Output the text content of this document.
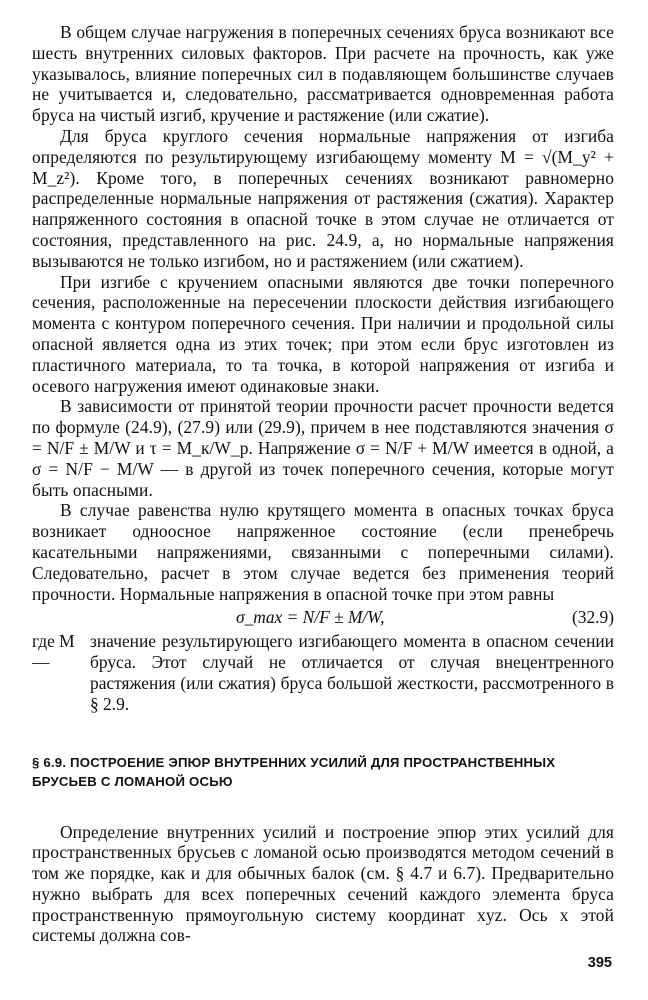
В общем случае нагружения в поперечных сечениях бруса возникают все шесть внутренних силовых факторов. При расчете на прочность, как уже указывалось, влияние поперечных сил в подавляющем большинстве случаев не учитывается и, следовательно, рассматривается одновременная работа бруса на чистый изгиб, кручение и растяжение (или сжатие).

Для бруса круглого сечения нормальные напряжения от изгиба определяются по результирующему изгибающему моменту M = √(M_y² + M_z²). Кроме того, в поперечных сечениях возникают равномерно распределенные нормальные напряжения от растяжения (сжатия). Характер напряженного состояния в опасной точке в этом случае не отличается от состояния, представленного на рис. 24.9, a, но нормальные напряжения вызываются не только изгибом, но и растяжением (или сжатием).

При изгибе с кручением опасными являются две точки поперечного сечения, расположенные на пересечении плоскости действия изгибающего момента с контуром поперечного сечения. При наличии и продольной силы опасной является одна из этих точек; при этом если брус изготовлен из пластичного материала, то та точка, в которой напряжения от изгиба и осевого нагружения имеют одинаковые знаки.

В зависимости от принятой теории прочности расчет прочности ведется по формуле (24.9), (27.9) или (29.9), причем в нее подставляются значения σ = N/F ± M/W и τ = M_к/W_р. Напряжение σ = N/F + M/W имеется в одной, а σ = N/F − M/W — в другой из точек поперечного сечения, которые могут быть опасными.

В случае равенства нулю крутящего момента в опасных точках бруса возникает одноосное напряженное состояние (если пренебречь касательными напряжениями, связанными с поперечными силами). Следовательно, расчет в этом случае ведется без применения теорий прочности. Нормальные напряжения в опасной точке при этом равны

σ_max = N/F ± M/W,	(32.9)
где M —
значение результирующего изгибающего момента в опасном сечении бруса. Этот случай не отличается от случая внецентренного растяжения (или сжатия) бруса большой жесткости, рассмотренного в § 2.9.
§ 6.9. ПОСТРОЕНИЕ ЭПЮР ВНУТРЕННИХ УСИЛИЙ ДЛЯ ПРОСТРАНСТВЕННЫХ БРУСЬЕВ С ЛОМАНОЙ ОСЬЮ

Определение внутренних усилий и построение эпюр этих усилий для пространственных брусьев с ломаной осью производятся методом сечений в том же порядке, как и для обычных балок (см. § 4.7 и 6.7). Предварительно нужно выбрать для всех поперечных сечений каждого элемента бруса пространственную прямоугольную систему координат xyz. Ось x этой системы должна сов-

395
